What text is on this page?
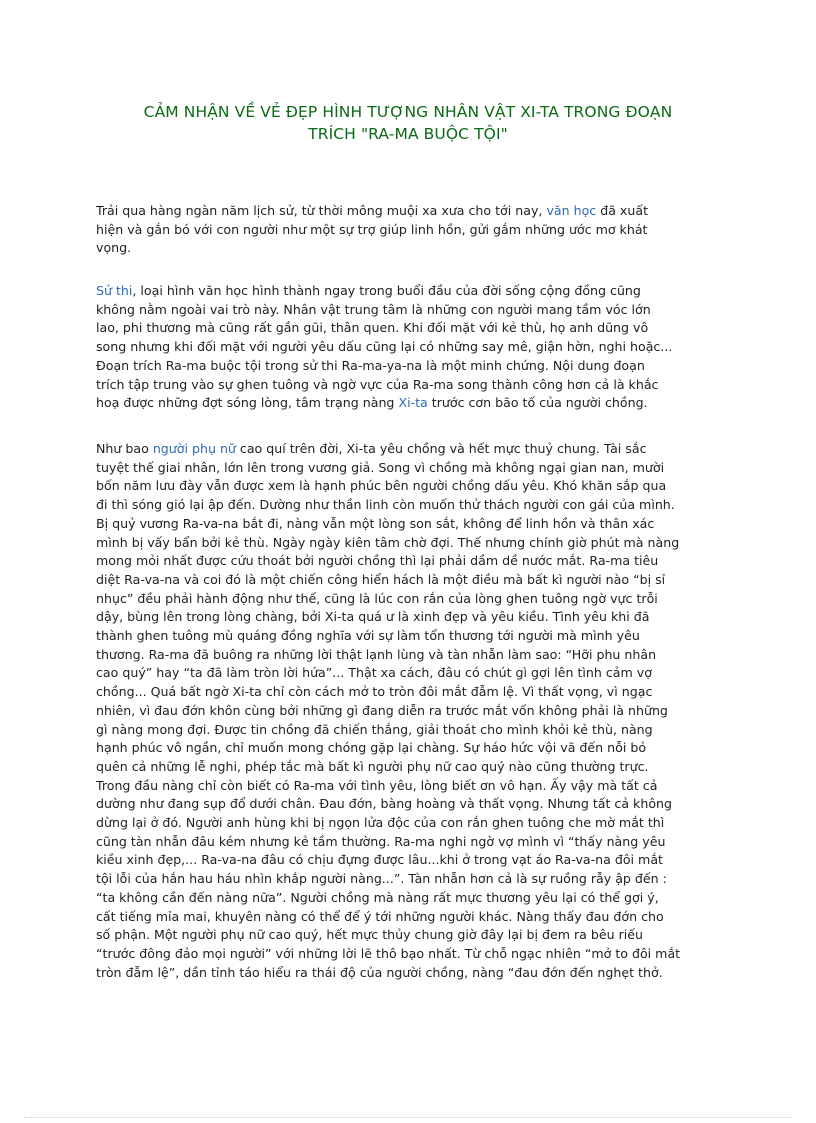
CẢM NHẬN VỀ VẺ ĐẸP HÌNH TƯỢNG NHÂN VẬT XI-TA TRONG ĐOẠN
TRÍCH "RA-MA BUỘC TỘI"
Trải qua hàng ngàn năm lịch sử, từ thời mông muội xa xưa cho tới nay, văn học đã xuất
hiện và gắn bó với con người như một sự trợ giúp linh hồn, gửi gắm những ước mơ khát
vọng.
Sử thi, loại hình văn học hình thành ngay trong buổi đầu của đời sống cộng đồng cũng
không nằm ngoài vai trò này. Nhân vật trung tâm là những con người mang tầm vóc lớn
lao, phi thương mà cũng rất gần gũi, thân quen. Khi đối mặt với kẻ thù, họ anh dũng vô
song nhưng khi đối mặt với người yêu dấu cũng lại có những say mê, giận hờn, nghi hoặc...
Đoạn trích Ra-ma buộc tội trong sử thi Ra-ma-ya-na là một minh chứng. Nội dung đoạn
trích tập trung vào sự ghen tuông và ngờ vực của Ra-ma song thành công hơn cả là khắc
hoạ được những đợt sóng lòng, tâm trạng nàng Xi-ta trước cơn bão tố của người chồng.
Như bao người phụ nữ cao quí trên đời, Xi-ta yêu chồng và hết mực thuỷ chung. Tài sắc
tuyệt thế giai nhân, lớn lên trong vương giả. Song vì chồng mà không ngại gian nan, mười
bốn năm lưu đày vẫn được xem là hạnh phúc bên người chồng dấu yêu. Khó khăn sắp qua
đi thì sóng gió lại ập đến. Dường như thần linh còn muốn thử thách người con gái của mình.
Bị quỷ vương Ra-va-na bắt đi, nàng vẫn một lòng son sắt, không để linh hồn và thân xác
mình bị vấy bẩn bởi kẻ thù. Ngày ngày kiên tâm chờ đợi. Thế nhưng chính giờ phút mà nàng
mong mỏi nhất được cứu thoát bởi người chồng thì lại phải dầm dề nước mắt. Ra-ma tiêu
diệt Ra-va-na và coi đó là một chiến công hiển hách là một điều mà bất kì người nào “bị sỉ
nhục” đều phải hành động như thế, cũng là lúc con rắn của lòng ghen tuông ngờ vực trỗi
dậy, bùng lên trong lòng chàng, bởi Xi-ta quá ư là xinh đẹp và yêu kiều. Tình yêu khi đã
thành ghen tuông mù quáng đồng nghĩa với sự làm tổn thương tới người mà mình yêu
thương. Ra-ma đã buông ra những lời thật lạnh lùng và tàn nhẫn làm sao: “Hỡi phu nhân
cao quý” hay “ta đã làm tròn lời hứa”... Thật xa cách, đâu có chút gì gợi lên tình cảm vợ
chồng... Quá bất ngờ Xi-ta chỉ còn cách mở to tròn đôi mắt đẫm lệ. Vì thất vọng, vì ngạc
nhiên, vì đau đớn khôn cùng bởi những gì đang diễn ra trước mắt vốn không phải là những
gì nàng mong đợi. Được tin chồng đã chiến thắng, giải thoát cho mình khỏi kẻ thù, nàng
hạnh phúc vô ngần, chỉ muốn mong chóng gặp lại chàng. Sự háo hức vội vã đến nỗi bỏ
quên cả những lễ nghi, phép tắc mà bất kì người phụ nữ cao quý nào cũng thường trực.
Trong đầu nàng chỉ còn biết có Ra-ma với tình yêu, lòng biết ơn vô hạn. Ấy vậy mà tất cả
dường như đang sụp đổ dưới chân. Đau đớn, bàng hoàng và thất vọng. Nhưng tất cả không
dừng lại ở đó. Người anh hùng khi bị ngọn lửa độc của con rắn ghen tuông che mờ mắt thì
cũng tàn nhẫn đâu kém nhưng kẻ tầm thường. Ra-ma nghi ngờ vợ mình vì “thấy nàng yêu
kiều xinh đẹp,... Ra-va-na đâu có chịu đựng được lâu...khi ở trong vạt áo Ra-va-na đôi mắt
tội lỗi của hắn hau háu nhìn khắp người nàng...”. Tàn nhẫn hơn cả là sự ruồng rẫy ập đến :
“ta không cần đến nàng nữa”. Người chồng mà nàng rất mực thương yêu lại có thể gợi ý,
cất tiếng mỉa mai, khuyên nàng có thể để ý tới những người khác. Nàng thấy đau đớn cho
số phận. Một người phụ nữ cao quý, hết mực thủy chung giờ đây lại bị đem ra bêu riếu
“trước đông đảo mọi người” với những lời lẽ thô bạo nhất. Từ chỗ ngạc nhiên “mở to đôi mắt
tròn đẫm lệ”, dần tỉnh táo hiểu ra thái độ của người chồng, nàng “đau đớn đến nghẹt thở.
